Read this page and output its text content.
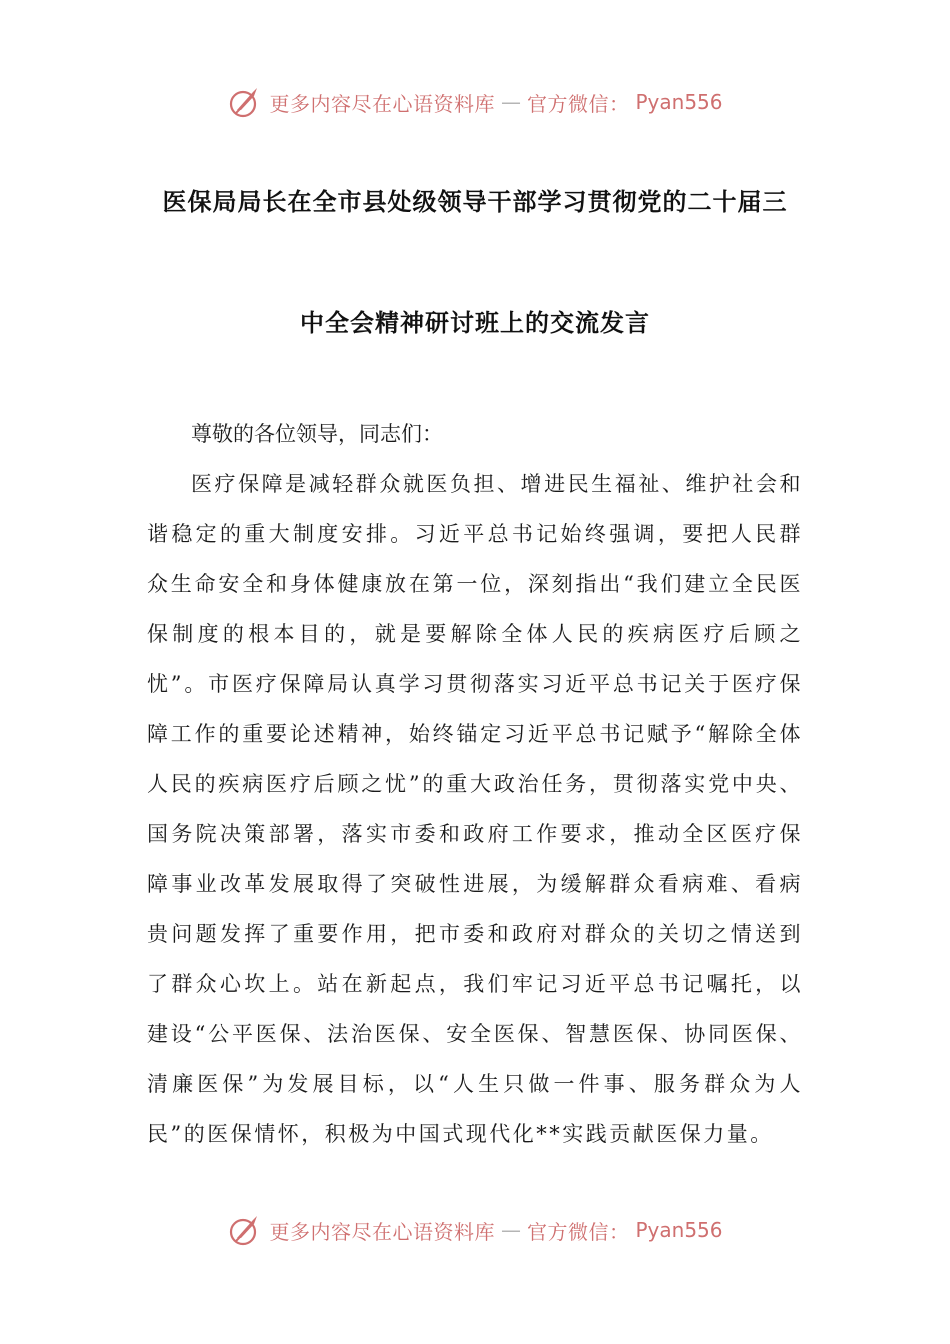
更多内容尽在心语资料库 — 官方微信： Pyan556
医保局局长在全市县处级领导干部学习贯彻党的二十届三
中全会精神研讨班上的交流发言
尊敬的各位领导，同志们：
医疗保障是减轻群众就医负担、增进民生福祉、维护社会和谐稳定的重大制度安排。习近平总书记始终强调，要把人民群众生命安全和身体健康放在第一位，深刻指出“我们建立全民医保制度的根本目的，就是要解除全体人民的疾病医疗后顾之忧”。市医疗保障局认真学习贯彻落实习近平总书记关于医疗保障工作的重要论述精神，始终锚定习近平总书记赋予“解除全体人民的疾病医疗后顾之忧”的重大政治任务，贯彻落实党中央、国务院决策部署，落实市委和政府工作要求，推动全区医疗保障事业改革发展取得了突破性进展，为缓解群众看病难、看病贵问题发挥了重要作用，把市委和政府对群众的关切之情送到了群众心坎上。站在新起点，我们牢记习近平总书记嘱托，以建设“公平医保、法治医保、安全医保、智慧医保、协同医保、清廉医保”为发展目标，以“人生只做一件事、服务群众为人民”的医保情怀，积极为中国式现代化**实践贡献医保力量。
更多内容尽在心语资料库 — 官方微信： Pyan556
